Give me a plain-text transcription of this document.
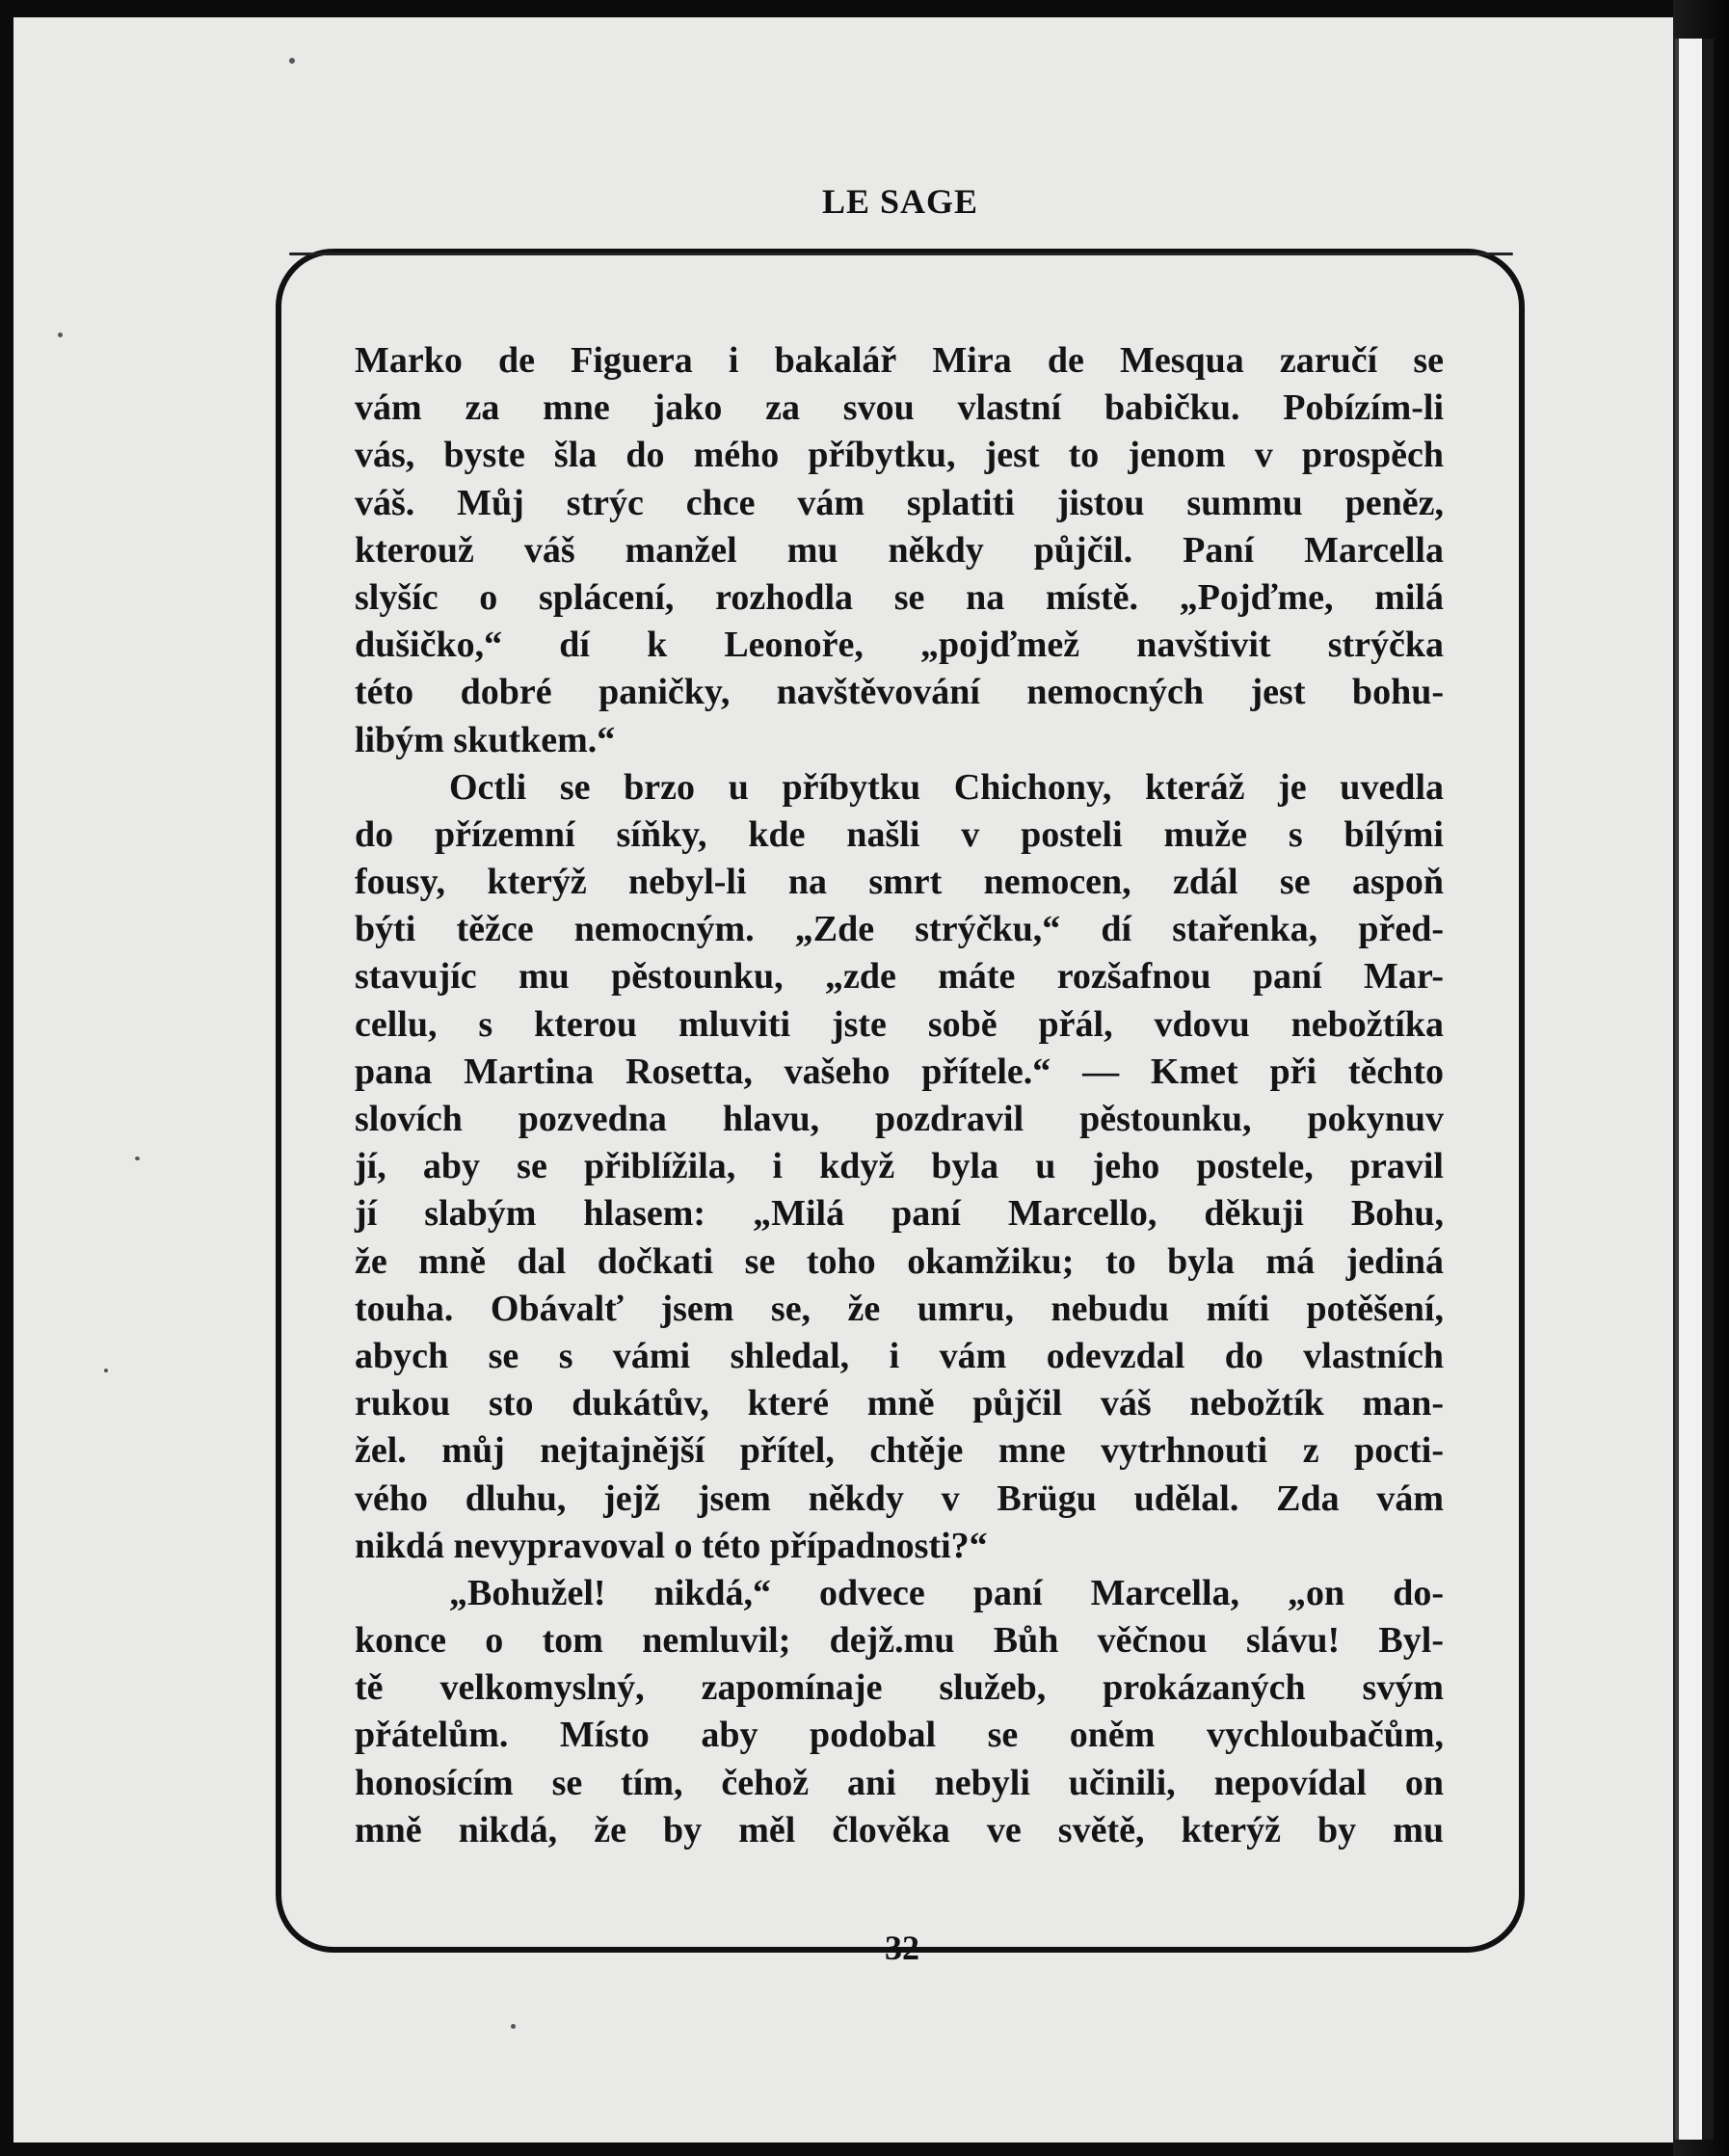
LE SAGE
Marko de Figuera i bakalář Mira de Mesqua zaručí se
vám za mne jako za svou vlastní babičku. Pobízím-li
vás, byste šla do mého příbytku, jest to jenom v prospěch
váš. Můj strýc chce vám splatiti jistou summu peněz,
kterouž váš manžel mu někdy půjčil. Paní Marcella
slyšíc o splácení, rozhodla se na místě. „Pojďme, milá
dušičko,“ dí k Leonoře, „pojďmež navštivit strýčka
této dobré paničky, navštěvování nemocných jest bohu-
libým skutkem.“
Octli se brzo u příbytku Chichony, kteráž je uvedla
do přízemní síňky, kde našli v posteli muže s bílými
fousy, kterýž nebyl-li na smrt nemocen, zdál se aspoň
býti těžce nemocným. „Zde strýčku,“ dí stařenka, před-
stavujíc mu pěstounku, „zde máte rozšafnou paní Mar-
cellu, s kterou mluviti jste sobě přál, vdovu nebožtíka
pana Martina Rosetta, vašeho přítele.“ — Kmet při těchto
slovích pozvedna hlavu, pozdravil pěstounku, pokynuv
jí, aby se přiblížila, i když byla u jeho postele, pravil
jí slabým hlasem: „Milá paní Marcello, děkuji Bohu,
že mně dal dočkati se toho okamžiku; to byla má jediná
touha. Obávalť jsem se, že umru, nebudu míti potěšení,
abych se s vámi shledal, i vám odevzdal do vlastních
rukou sto dukátův, které mně půjčil váš nebožtík man-
žel. můj nejtajnější přítel, chtěje mne vytrhnouti z pocti-
vého dluhu, jejž jsem někdy v Brügu udělal. Zda vám
nikdá nevypravoval o této případnosti?“
„Bohužel! nikdá,“ odvece paní Marcella, „on do-
konce o tom nemluvil; dejž.mu Bůh věčnou slávu! Byl-
tě velkomyslný, zapomínaje služeb, prokázaných svým
přátelům. Místo aby podobal se oněm vychloubačům,
honosícím se tím, čehož ani nebyli učinili, nepovídal on
mně nikdá, že by měl člověka ve světě, kterýž by mu
32
